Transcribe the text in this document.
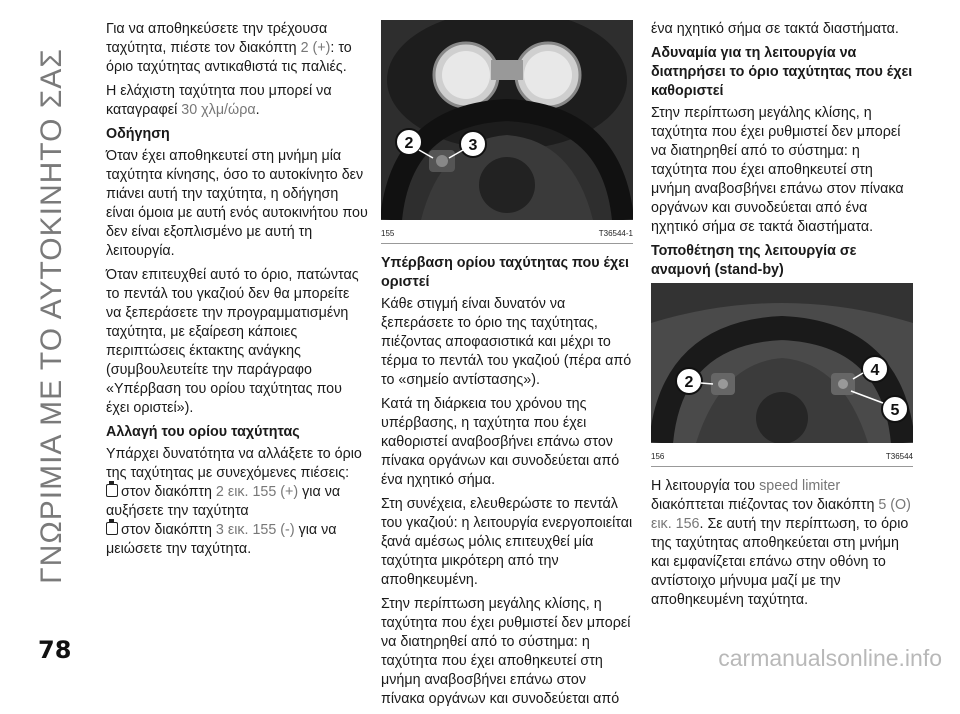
ΓΝΩΡΙΜΙΑ ΜΕ ΤΟ ΑΥΤΟΚΙΝΗΤΟ ΣΑΣ

Για να αποθηκεύσετε την τρέχουσα ταχύτητα, πιέστε τον διακόπτη 2 (+): το όριο ταχύτητας αντικαθιστά τις παλιές.

Η ελάχιστη ταχύτητα που μπορεί να καταγραφεί 30 χλμ/ώρα.

Οδήγηση

Όταν έχει αποθηκευτεί στη μνήμη μία ταχύτητα κίνησης, όσο το αυτοκίνητο δεν πιάνει αυτή την ταχύτητα, η οδήγηση είναι όμοια με αυτή ενός αυτοκινήτου που δεν είναι εξοπλισμένο με αυτή τη λειτουργία.

Όταν επιτευχθεί αυτό το όριο, πατώντας το πεντάλ του γκαζιού δεν θα μπορείτε να ξεπεράσετε την προγραμματισμένη ταχύτητα, με εξαίρεση κάποιες περιπτώσεις έκτακτης ανάγκης (συμβουλευτείτε την παράγραφο «Υπέρβαση του ορίου ταχύτητας που έχει οριστεί»).

Αλλαγή του ορίου ταχύτητας

Υπάρχει δυνατότητα να αλλάξετε το όριο της ταχύτητας με συνεχόμενες πιέσεις:

στον διακόπτη 2 εικ. 155 (+) για να αυξήσετε την ταχύτητα

στον διακόπτη 3 εικ. 155 (-) για να μειώσετε την ταχύτητα.

2	3
155	T36544-1
Υπέρβαση ορίου ταχύτητας που έχει οριστεί

Κάθε στιγμή είναι δυνατόν να ξεπεράσετε το όριο της ταχύτητας, πιέζοντας αποφασιστικά και μέχρι το τέρμα το πεντάλ του γκαζιού (πέρα από το «σημείο αντίστασης»).

Κατά τη διάρκεια του χρόνου της υπέρβασης, η ταχύτητα που έχει καθοριστεί αναβοσβήνει επάνω στον πίνακα οργάνων και συνοδεύεται από ένα ηχητικό σήμα.

Στη συνέχεια, ελευθερώστε το πεντάλ του γκαζιού: η λειτουργία ενεργοποιείται ξανά αμέσως μόλις επιτευχθεί μία ταχύτητα μικρότερη από την αποθηκευμένη.

Στην περίπτωση μεγάλης κλίσης, η ταχύτητα που έχει ρυθμιστεί δεν μπορεί να διατηρηθεί από το σύστημα: η ταχύτητα που έχει αποθηκευτεί στη μνήμη αναβοσβήνει επάνω στον πίνακα οργάνων και συνοδεύεται από

ένα ηχητικό σήμα σε τακτά διαστήματα.

Αδυναμία για τη λειτουργία να διατηρήσει το όριο ταχύτητας που έχει καθοριστεί

Στην περίπτωση μεγάλης κλίσης, η ταχύτητα που έχει ρυθμιστεί δεν μπορεί να διατηρηθεί από το σύστημα: η ταχύτητα που έχει αποθηκευτεί στη μνήμη αναβοσβήνει επάνω στον πίνακα οργάνων και συνοδεύεται από ένα ηχητικό σήμα σε τακτά διαστήματα.

Τοποθέτηση της λειτουργία σε αναμονή (stand-by)
2
4
5
156	T36544

Η λειτουργία του speed limiter διακόπτεται πιέζοντας τον διακόπτη 5 (O) εικ. 156. Σε αυτή την περίπτωση, το όριο της ταχύτητας αποθηκεύεται στη μνήμη και εμφανίζεται επάνω στην οθόνη το αντίστοιχο μήνυμα μαζί με την αποθηκευμένη ταχύτητα.

78	carmanualsonline.info
